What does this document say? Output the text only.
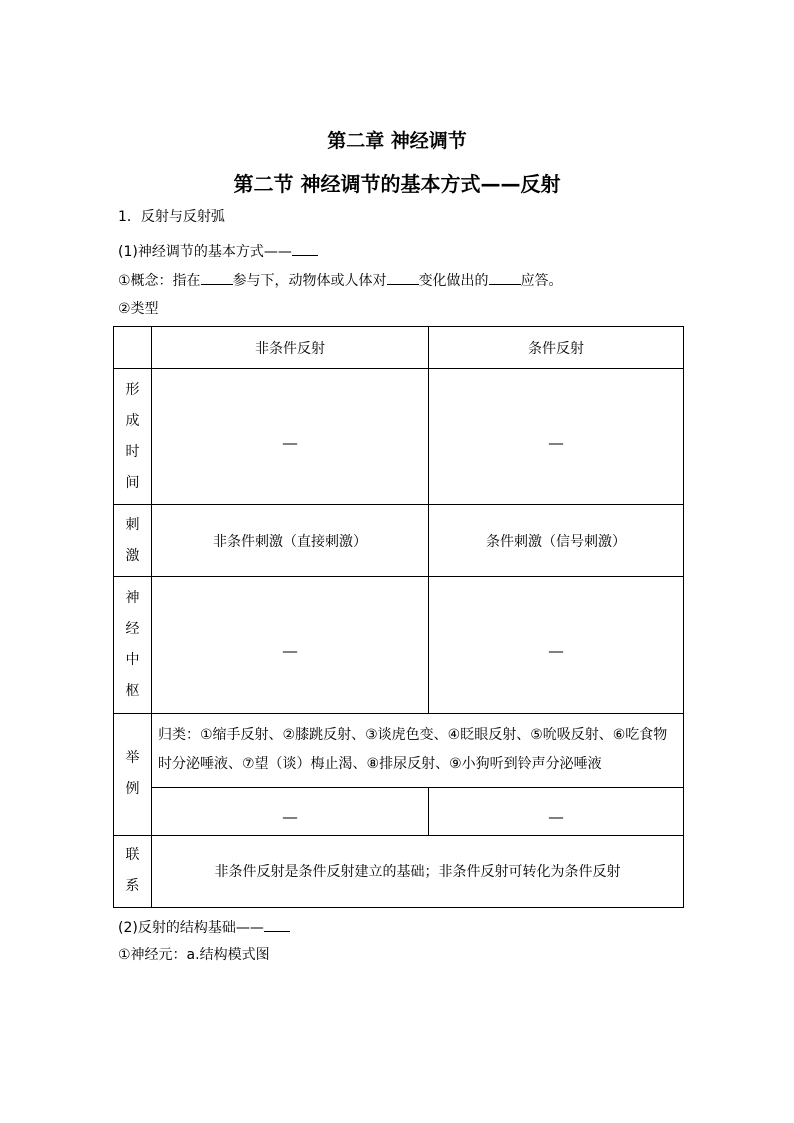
第二章 神经调节
第二节 神经调节的基本方式——反射
1．反射与反射弧
(1)神经调节的基本方式——
①概念：指在 参与下，动物体或人体对 变化做出的 应答。
②类型
	非条件反射	条件反射
形成时间	__	__
刺激	非条件刺激（直接刺激）	条件刺激（信号刺激）
神经中枢	__	__
举例	归类：①缩手反射、②膝跳反射、③谈虎色变、④眨眼反射、⑤吮吸反射、⑥吃食物时分泌唾液、⑦望（谈）梅止渴、⑧排尿反射、⑨小狗听到铃声分泌唾液	
	__	__
联系	非条件反射是条件反射建立的基础；非条件反射可转化为条件反射	
(2)反射的结构基础——
①神经元：a.结构模式图
